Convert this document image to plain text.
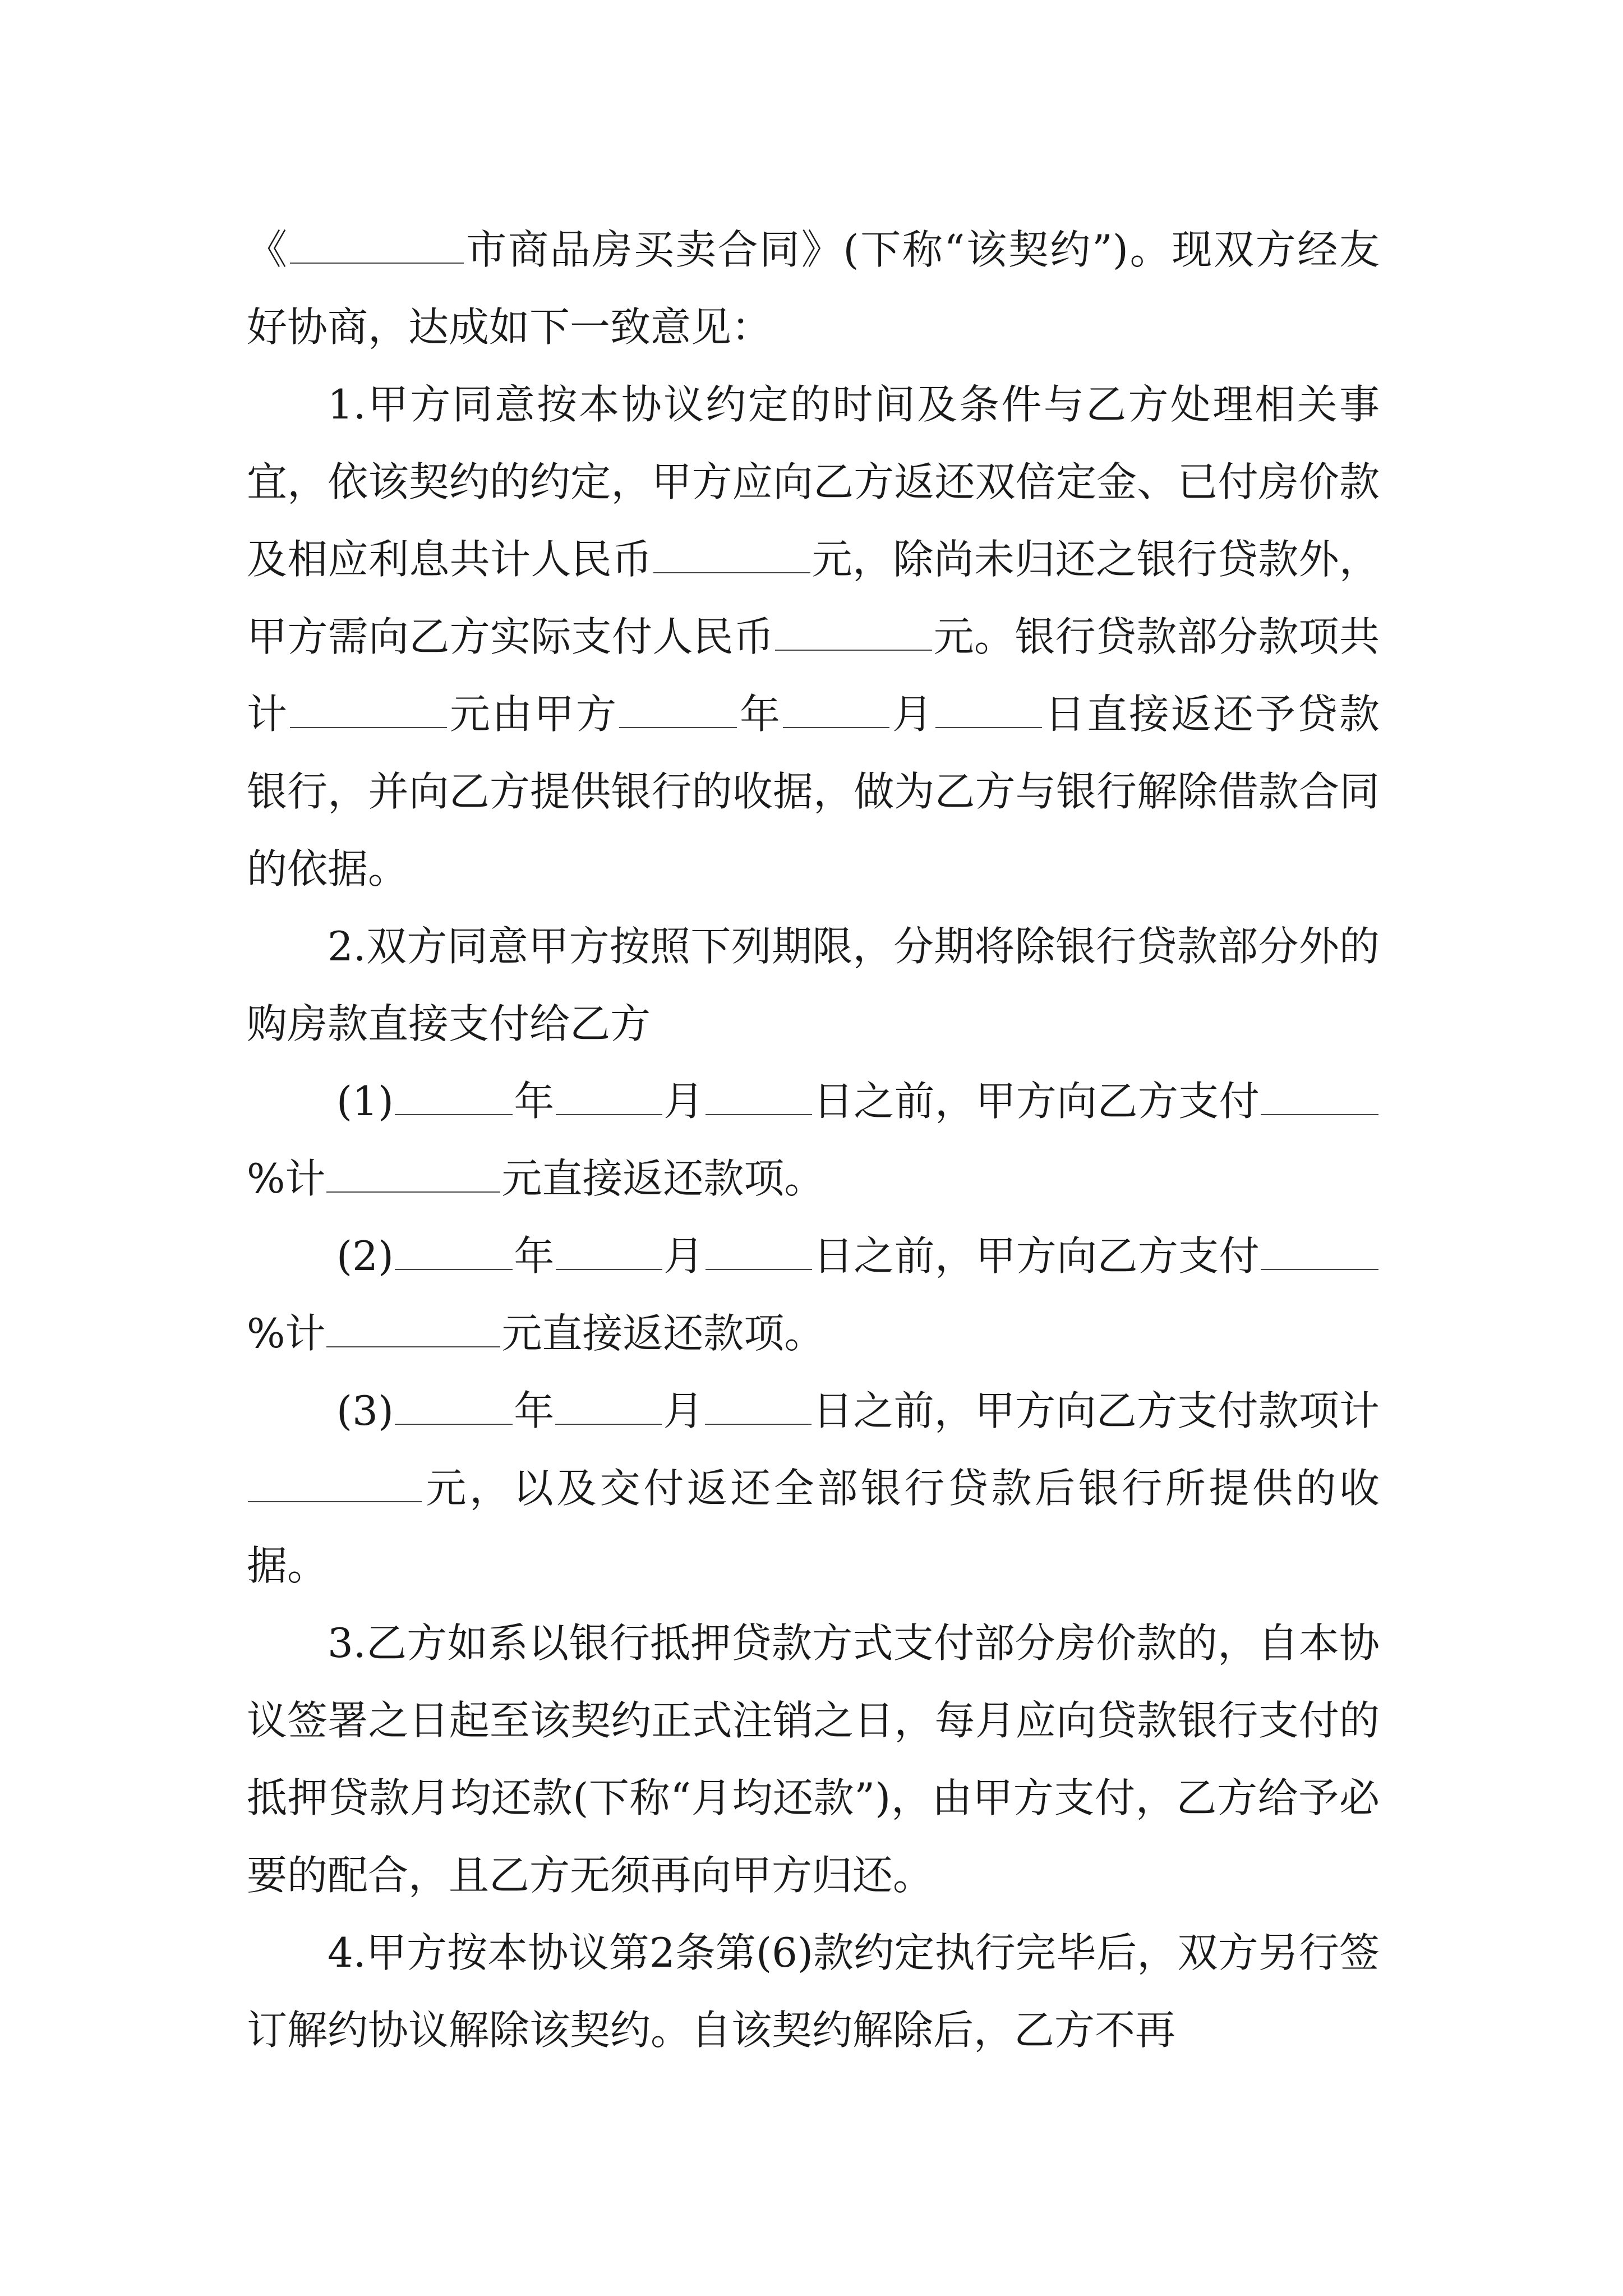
《	市商品房买卖合同》(下称“该契约”)。现双方经友好协商，达成如下一致意见：

1.甲方同意按本协议约定的时间及条件与乙方处理相关事宜，依该契约的约定，甲方应向乙方返还双倍定金、已付房价款及相应利息共计人民币	元，除尚未归还之银行贷款外，甲方需向乙方实际支付人民币	元。银行贷款部分款项共计	元由甲方	年	月	日直接返还予贷款银行，并向乙方提供银行的收据，做为乙方与银行解除借款合同的依据。

2.双方同意甲方按照下列期限，分期将除银行贷款部分外的购房款直接支付给乙方

(1)	年	月	日之前，甲方向乙方支付%计	元直接返还款项。

(2)	年	月	日之前，甲方向乙方支付%计	元直接返还款项。

(3)	年	月	日之前，甲方向乙方支付款项计元，以及交付返还全部银行贷款后银行所提供的收据。

3.乙方如系以银行抵押贷款方式支付部分房价款的，自本协议签署之日起至该契约正式注销之日，每月应向贷款银行支付的抵押贷款月均还款(下称“月均还款”)，由甲方支付，乙方给予必要的配合，且乙方无须再向甲方归还。

4.甲方按本协议第2条第(6)款约定执行完毕后，双方另行签订解约协议解除该契约。自该契约解除后，乙方不再
